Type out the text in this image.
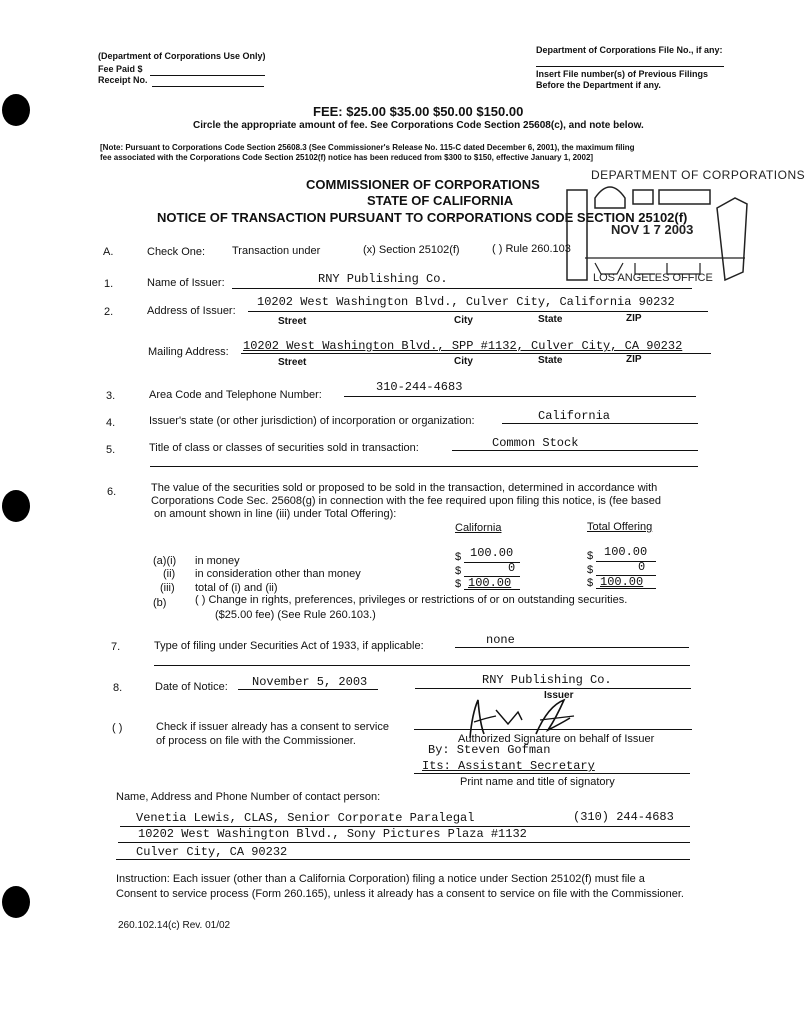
(Department of Corporations Use Only)
Fee Paid $
Receipt No.
Department of Corporations File No., if any:
Insert File number(s) of Previous Filings
Before the Department if any.
FEE: $25.00 $35.00 $50.00 $150.00
Circle the appropriate amount of fee. See Corporations Code Section 25608(c), and note below.
[Note: Pursuant to Corporations Code Section 25608.3 (See Commissioner's Release No. 115-C dated December 6, 2001), the maximum filing
fee associated with the Corporations Code Section 25102(f) notice has been reduced from $300 to $150, effective January 1, 2002]
COMMISSIONER OF CORPORATIONS
STATE OF CALIFORNIA
NOTICE OF TRANSACTION PURSUANT TO CORPORATIONS CODE SECTION 25102(f)
DEPARTMENT OF CORPORATIONS
NOV 1 7 2003
LOS ANGELES OFFICE
A.	Check One: Transaction under	(x) Section 25102(f)	( ) Rule 260.103
1.	Name of Issuer:	RNY Publishing Co.
2.	Address of Issuer:
10202 West Washington Blvd., Culver City, California 90232
Street	City	State	ZIP
Mailing Address: 10202 West Washington Blvd., SPP #1132, Culver City, CA 90232
Street	City	State	ZIP
3.	Area Code and Telephone Number:
310-244-4683
4.	Issuer's state (or other jurisdiction) of incorporation or organization:	California
5.	Title of class or classes of securities sold in transaction:	Common Stock
6.	The value of the securities sold or proposed to be sold in the transaction, determined in accordance with
Corporations Code Sec. 25608(g) in connection with the fee required upon filing this notice, is (fee based
on amount shown in line (iii) under Total Offering):
California	Total Offering
(a)(i) in money	$ 100.00	$ 100.00
(ii) in consideration other than money	$	0	$	0
(iii) total of (i) and (ii)	$ 100.00	$ 100.00
(b)	( ) Change in rights, preferences, privileges or restrictions of or on outstanding securities.
($25.00 fee) (See Rule 260.103.)
7.	Type of filing under Securities Act of 1933, if applicable:	none
8.	Date of Notice: November 5, 2003	RNY Publishing Co.
Issuer
( )	Check if issuer already has a consent to service
of process on file with the Commissioner.	Authorized Signature on behalf of Issuer
By: Steven Gofman
Its: Assistant Secretary
Print name and title of signatory
Name, Address and Phone Number of contact person:
Venetia Lewis, CLAS, Senior Corporate Paralegal	(310) 244-4683
10202 West Washington Blvd., Sony Pictures Plaza #1132
Culver City, CA 90232
Instruction: Each issuer (other than a California Corporation) filing a notice under Section 25102(f) must file a
Consent to service process (Form 260.165), unless it already has a consent to service on file with the Commissioner.
260.102.14(c) Rev. 01/02
